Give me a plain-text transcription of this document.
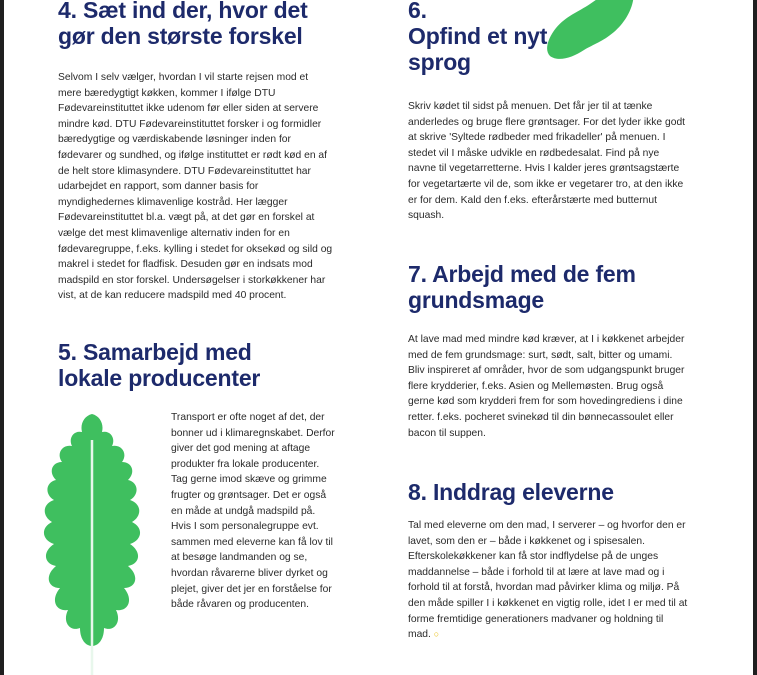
4. Sæt ind der, hvor det gør den største forskel

Selvom I selv vælger, hvordan I vil starte rejsen mod et mere bæredygtigt køkken, kommer I ifølge DTU Fødevareinstituttet ikke udenom før eller siden at servere mindre kød. DTU Fødevareinstituttet forsker i og formidler bæredygtige og værdiskabende løsninger inden for fødevarer og sundhed, og ifølge instituttet er rødt kød en af de helt store klimasyndere. DTU Fødevareinstituttet har udarbejdet en rapport, som danner basis for myndighedernes klimavenlige kostråd. Her lægger Fødevareinstituttet bl.a. vægt på, at det gør en forskel at vælge det mest klimavenlige alternativ inden for en fødevaregruppe, f.eks. kylling i stedet for oksekød og sild og makrel i stedet for fladfisk. Desuden gør en indsats mod madspild en stor forskel. Undersøgelser i storkøkkener har vist, at de kan reducere madspild med 40 procent.

5. Samarbejd med lokale producenter

Transport er ofte noget af det, der bonner ud i klimaregnskabet. Derfor giver det god mening at aftage produkter fra lokale producenter. Tag gerne imod skæve og grimme frugter og grøntsager. Det er også en måde at undgå madspild på. Hvis I som personalegruppe evt. sammen med eleverne kan få lov til at besøge landmanden og se, hvordan råvarerne bliver dyrket og plejet, giver det jer en forståelse for både råvaren og producenten.

6.
Opfind et nyt sprog

Skriv kødet til sidst på menuen. Det får jer til at tænke anderledes og bruge flere grøntsager. For det lyder ikke godt at skrive 'Syltede rødbeder med frikadeller' på menuen. I stedet vil I måske udvikle en rødbedesalat. Find på nye navne til vegetarretterne. Hvis I kalder jeres grøntsagstærte for vegetartærte vil de, som ikke er vegetarer tro, at den ikke er for dem. Kald den f.eks. efterårstærte med butternut squash.

7. Arbejd med de fem grundsmage

At lave mad med mindre kød kræver, at I i køkkenet arbejder med de fem grundsmage: surt, sødt, salt, bitter og umami. Bliv inspireret af områder, hvor de som udgangspunkt bruger flere krydderier, f.eks. Asien og Mellemøsten. Brug også gerne kød som krydderi frem for som hovedingrediens i dine retter. f.eks. pocheret svinekød til din bønnecassoulet eller bacon til suppen.

8. Inddrag eleverne

Tal med eleverne om den mad, I serverer – og hvorfor den er lavet, som den er – både i køkkenet og i spisesalen. Efterskolekøkkener kan få stor indflydelse på de unges maddannelse – både i forhold til at lære at lave mad og i forhold til at forstå, hvordan mad påvirker klima og miljø. På den måde spiller I i køkkenet en vigtig rolle, idet I er med til at forme fremtidige generationers madvaner og holdning til mad. ○
